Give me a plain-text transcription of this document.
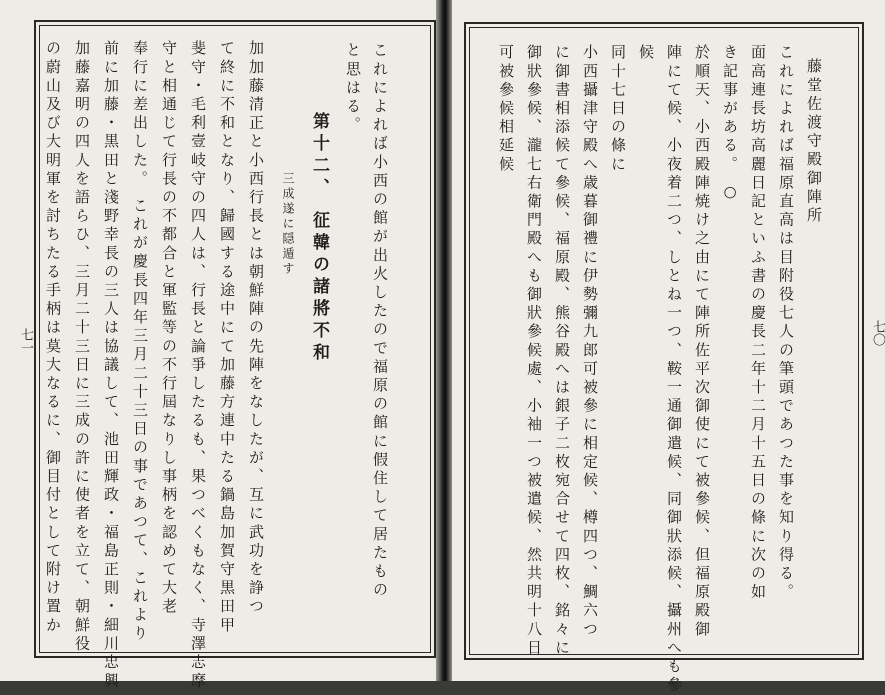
これによれば小西の館が出火したので福原の館に假住して居たもの
と思はる。
第十二、 征韓の諸將不和
三成遂に隠遁す
加加藤清正と小西行長とは朝鮮陣の先陣をなしたが、互に武功を諍つ
て終に不和となり、歸國する途中にて加藤方連中たる鍋島加賀守黒田甲
斐守・毛利壹岐守の四人は、行長と論爭したるも、果つべくもなく、寺澤志摩
守と相通じて行長の不都合と軍監等の不行屆なりし事柄を認めて大老
奉行に差出した。 これが慶長四年三月二十三日の事であつて、これより
前に加藤・黒田と淺野幸長の三人は協議して、池田輝政・福島正則・細川忠興
加藤嘉明の四人を語らひ、三月二十三日に三成の許に使者を立て、朝鮮役
の蔚山及び大明軍を討ちたる手柄は莫大なるに、御目付として附け置か
七一
藤堂佐渡守殿御陣所
これによれば福原直高は目附役七人の筆頭であつた事を知り得る。
面高連長坊高麗日記といふ書の慶長二年十二月十五日の條に次の如
き記事がある。 ○
於順天、小西殿陣焼け之由にて陣所佐平次御使にて被參候、但福原殿御
陣にて候、小夜着二つ、しとね一つ、鞍一通御遣候、同御狀添候、攝州へも參
候
同十七日の條に
小西攝津守殿へ歳暮御禮に伊勢彌九郎可被參に相定候、樽四つ、鯛六つ
に御書相添候て參候、福原殿、熊谷殿へは銀子二枚宛合せて四枚、銘々に
御狀參候、瀧七右衛門殿へも御狀參候處、小袖一つ被遣候、然共明十八日
可被參候相延候
七〇
